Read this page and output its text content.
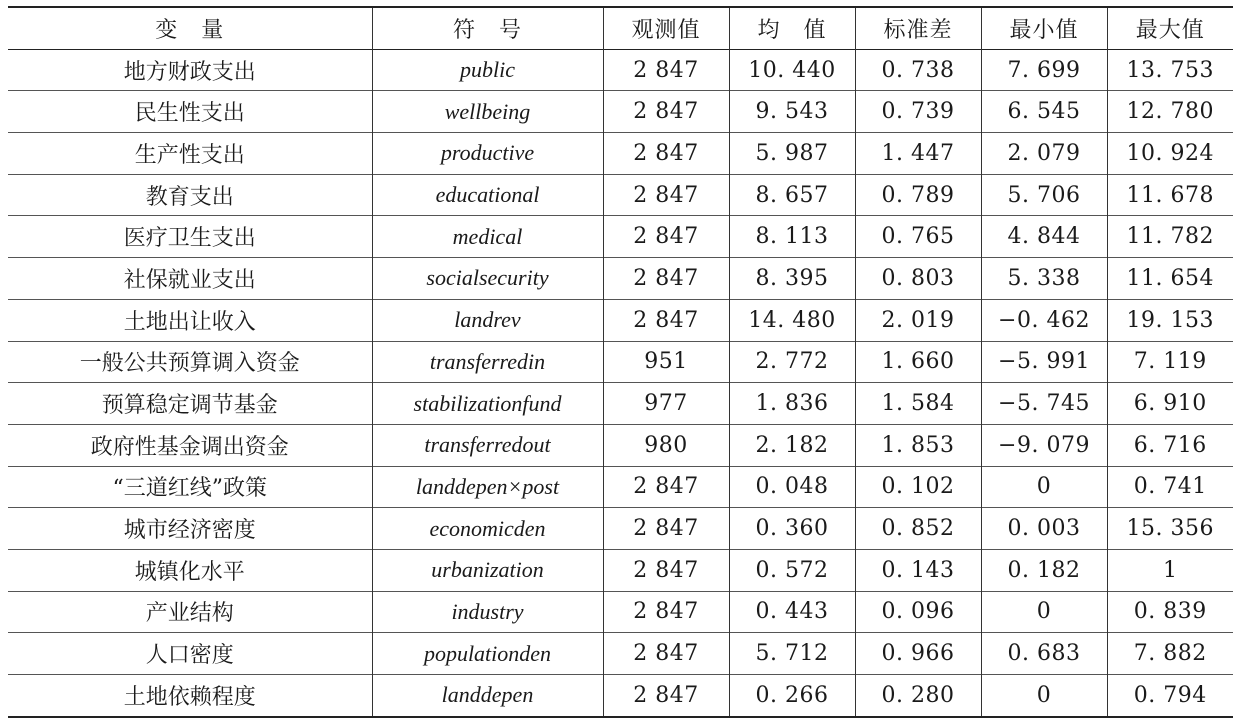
变　量	符　号	观测值	均　值	标准差	最小值	最大值
地方财政支出	public	2 847	10. 440	0. 738	7. 699	13. 753
民生性支出	wellbeing	2 847	9. 543	0. 739	6. 545	12. 780
生产性支出	productive	2 847	5. 987	1. 447	2. 079	10. 924
教育支出	educational	2 847	8. 657	0. 789	5. 706	11. 678
医疗卫生支出	medical	2 847	8. 113	0. 765	4. 844	11. 782
社保就业支出	socialsecurity	2 847	8. 395	0. 803	5. 338	11. 654
土地出让收入	landrev	2 847	14. 480	2. 019	−0. 462	19. 153
一般公共预算调入资金	transferredin	951	2. 772	1. 660	−5. 991	7. 119
预算稳定调节基金	stabilizationfund	977	1. 836	1. 584	−5. 745	6. 910
政府性基金调出资金	transferredout	980	2. 182	1. 853	−9. 079	6. 716
“三道红线”政策	landdepen×post	2 847	0. 048	0. 102	0	0. 741
城市经济密度	economicden	2 847	0. 360	0. 852	0. 003	15. 356
城镇化水平	urbanization	2 847	0. 572	0. 143	0. 182	1
产业结构	industry	2 847	0. 443	0. 096	0	0. 839
人口密度	populationden	2 847	5. 712	0. 966	0. 683	7. 882
土地依赖程度	landdepen	2 847	0. 266	0. 280	0	0. 794
